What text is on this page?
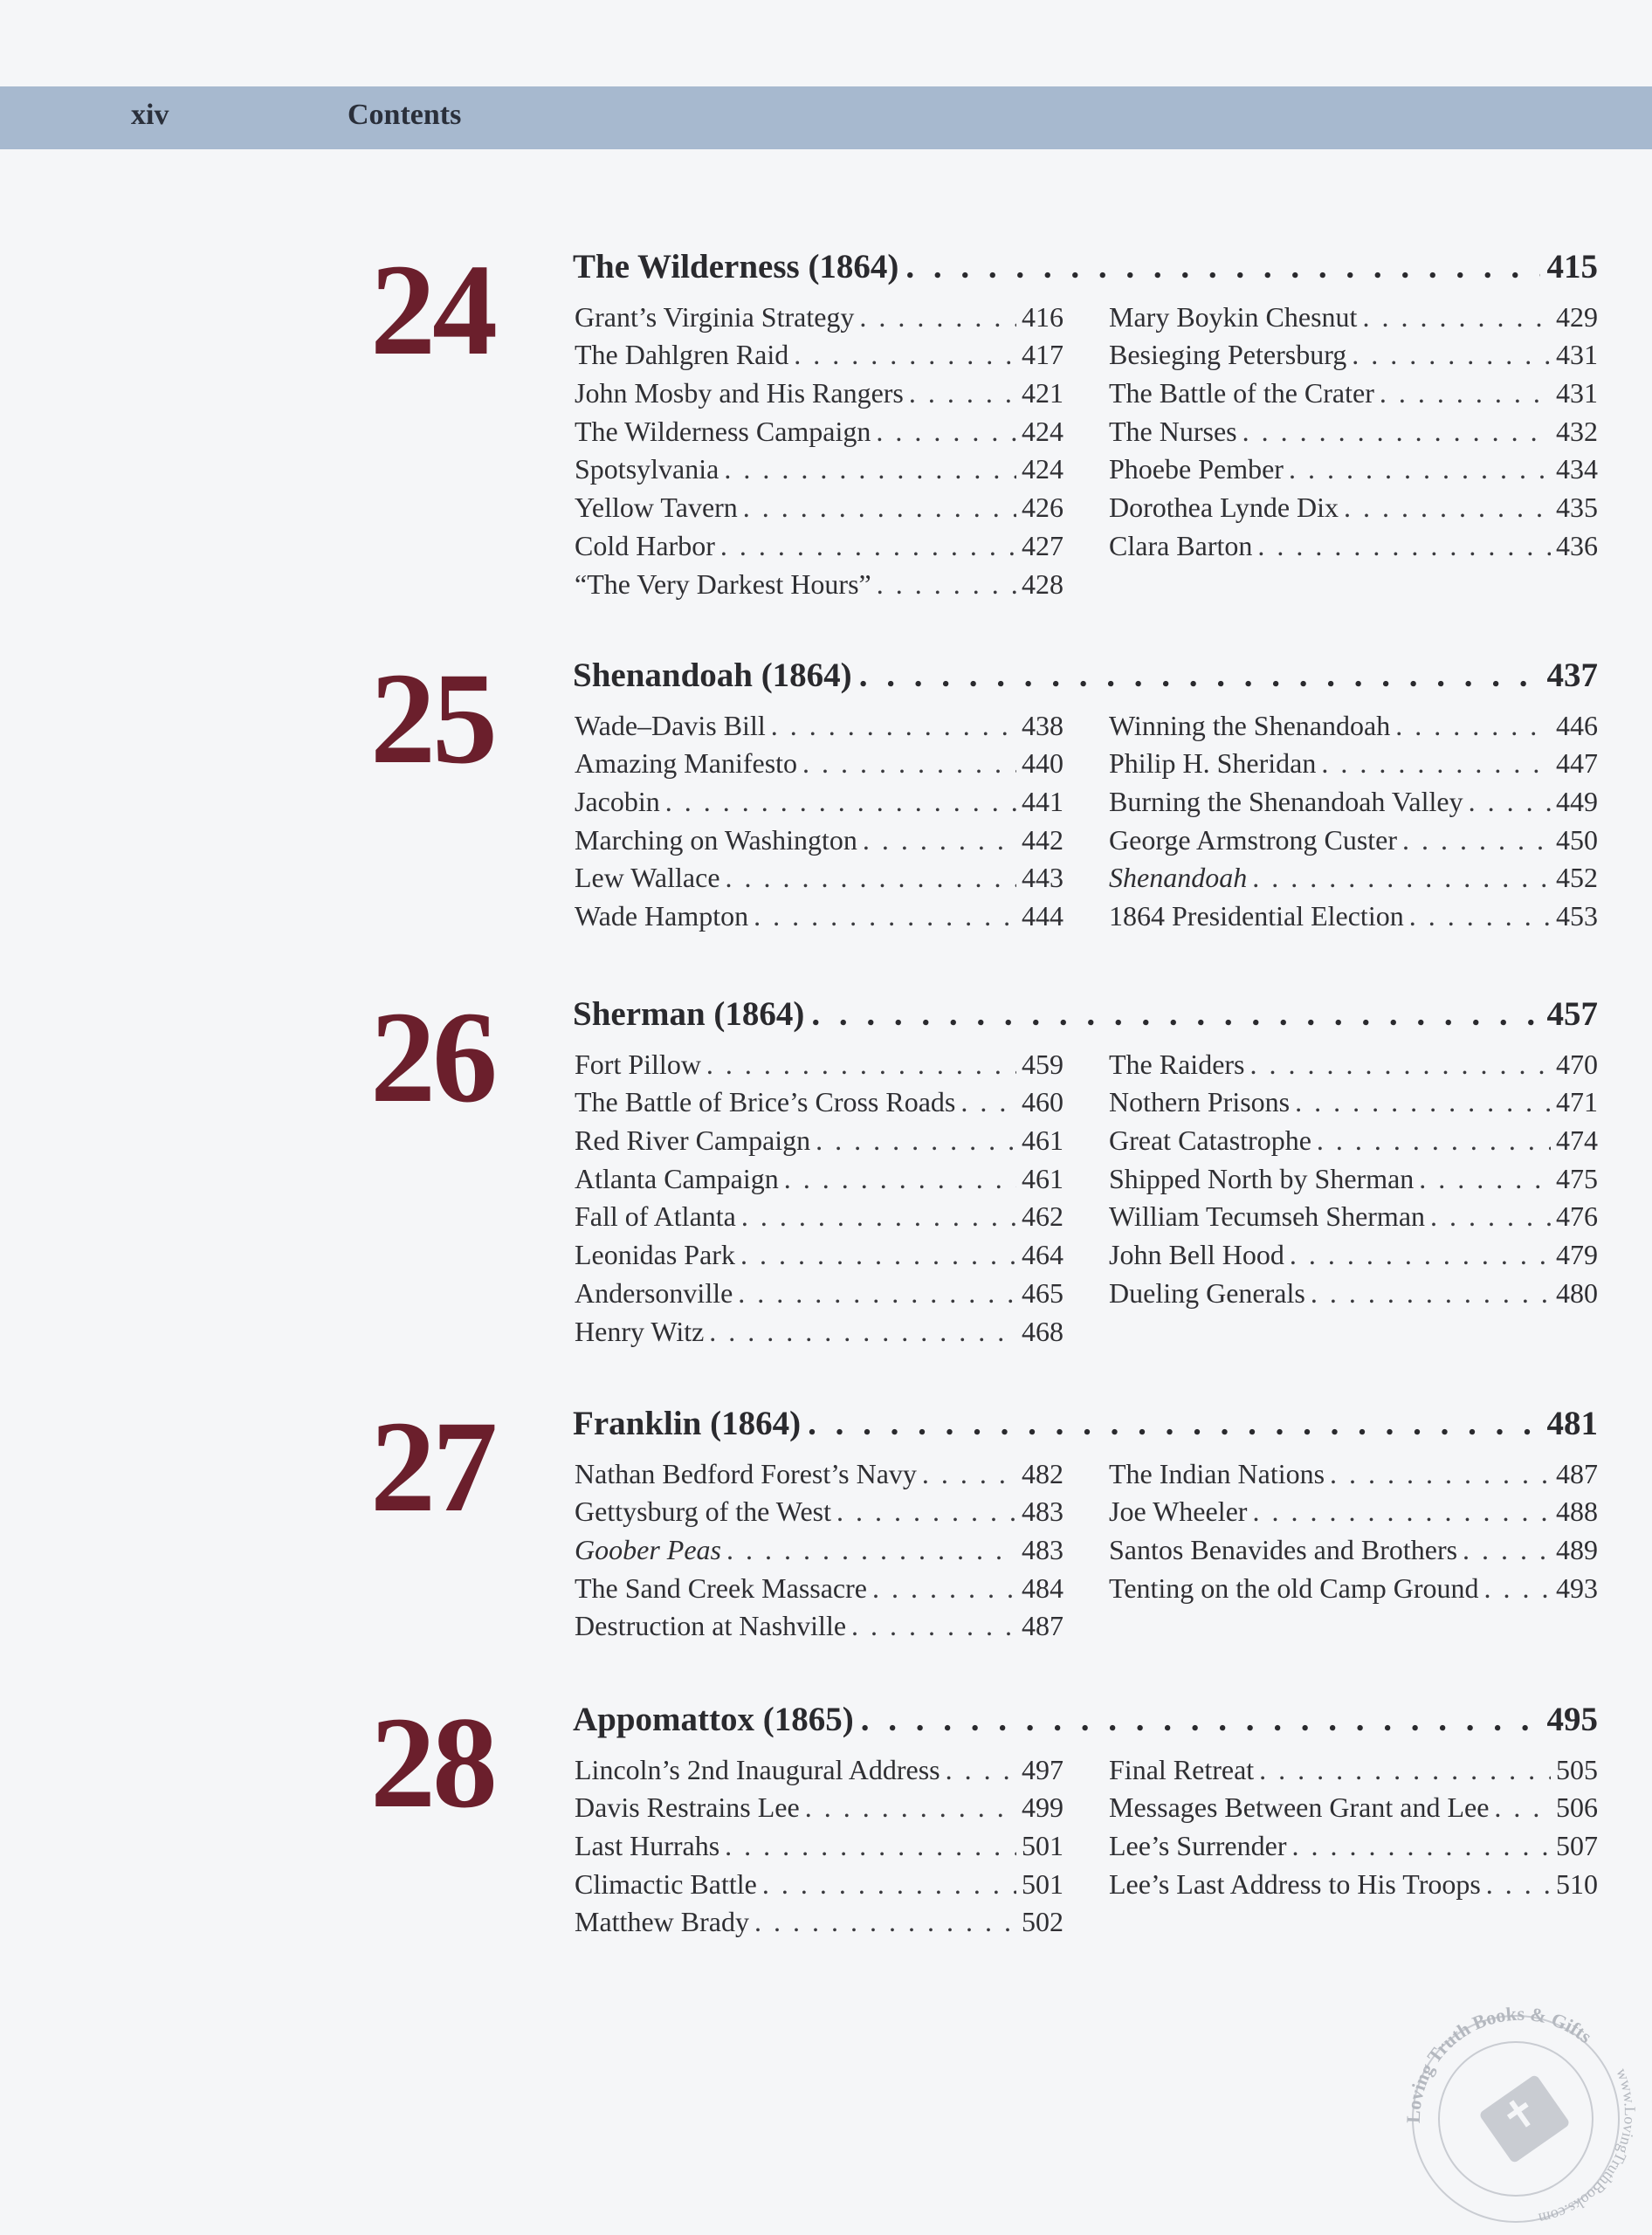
xiv	Contents
24 The Wilderness (1864) . . .	415
Grant’s Virginia Strategy . . .	416
The Dahlgren Raid . . .	417
John Mosby and His Rangers . . .	421
The Wilderness Campaign . . .	424
Spotsylvania . . .	424
Yellow Tavern . . .	426
Cold Harbor . . .	427
“The Very Darkest Hours” . . .	428
Mary Boykin Chesnut . . .	429
Besieging Petersburg . . .	431
The Battle of the Crater . . .	431
The Nurses . . .	432
Phoebe Pember . . .	434
Dorothea Lynde Dix . . .	435
Clara Barton . . .	436
25 Shenandoah (1864) . . .	437
Wade–Davis Bill . . .	438
Amazing Manifesto . . .	440
Jacobin . . .	441
Marching on Washington . . .	442
Lew Wallace . . .	443
Wade Hampton . . .	444
Winning the Shenandoah . . .	446
Philip H. Sheridan . . .	447
Burning the Shenandoah Valley . . .	449
George Armstrong Custer . . .	450
Shenandoah . . .	452
1864 Presidential Election . . .	453
26 Sherman (1864) . . .	457
Fort Pillow . . .	459
The Battle of Brice’s Cross Roads . . . 460
Red River Campaign . . .	461
Atlanta Campaign . . .	461
Fall of Atlanta . . .	462
Leonidas Park . . .	464
Andersonville . . .	465
Henry Witz . . .	468
The Raiders . . .	470
Nothern Prisons . . .	471
Great Catastrophe . . .	474
Shipped North by Sherman . . .	475
William Tecumseh Sherman . . .	476
John Bell Hood . . .	479
Dueling Generals . . .	480
27 Franklin (1864) . . .	481
Nathan Bedford Forest’s Navy . . .	482
Gettysburg of the West . . .	483
Goober Peas . . .	483
The Sand Creek Massacre . . .	484
Destruction at Nashville . . .	487
The Indian Nations . . .	487
Joe Wheeler . . .	488
Santos Benavides and Brothers . . .	489
Tenting on the old Camp Ground . . .	493
28 Appomattox (1865) . . .	495
Lincoln’s 2nd Inaugural Address . . .	497
Davis Restrains Lee . . .	499
Last Hurrahs . . .	501
Climactic Battle . . .	501
Matthew Brady . . .	502
Final Retreat . . .	505
Messages Between Grant and Lee . . . 506
Lee’s Surrender . . .	507
Lee’s Last Address to His Troops . . .	510
Loving Truth Books & Gifts
www.LovingTruthBooks.com
